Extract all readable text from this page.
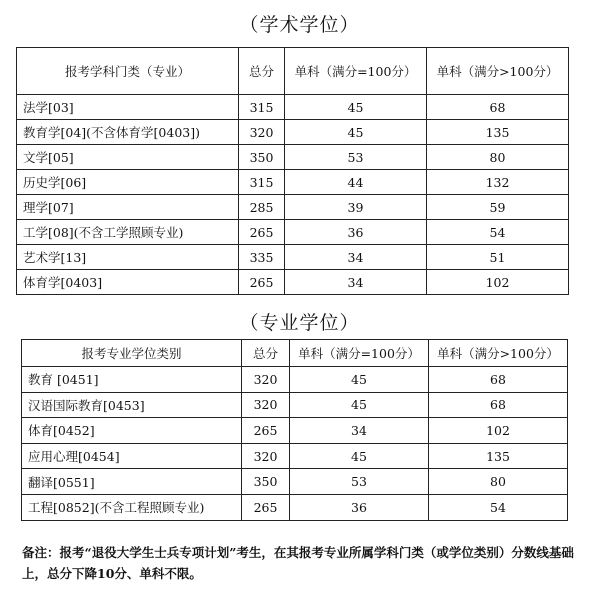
（学术学位）
报考学科门类（专业）	总分	单科（满分=100分）	单科（满分>100分）
法学[03]	315	45	68
教育学[04](不含体育学[0403])	320	45	135
文学[05]	350	53	80
历史学[06]	315	44	132
理学[07]	285	39	59
工学[08](不含工学照顾专业)	265	36	54
艺术学[13]	335	34	51
体育学[0403]	265	34	102
（专业学位）
报考专业学位类别	总分	单科（满分=100分）	单科（满分>100分）
教育 [0451]	320	45	68
汉语国际教育[0453]	320	45	68
体育[0452]	265	34	102
应用心理[0454]	320	45	135
翻译[0551]	350	53	80
工程[0852](不含工程照顾专业)	265	36	54
备注：报考“退役大学生士兵专项计划”考生，在其报考专业所属学科门类（或学位类别）分数线基础上，总分下降10分、单科不限。
